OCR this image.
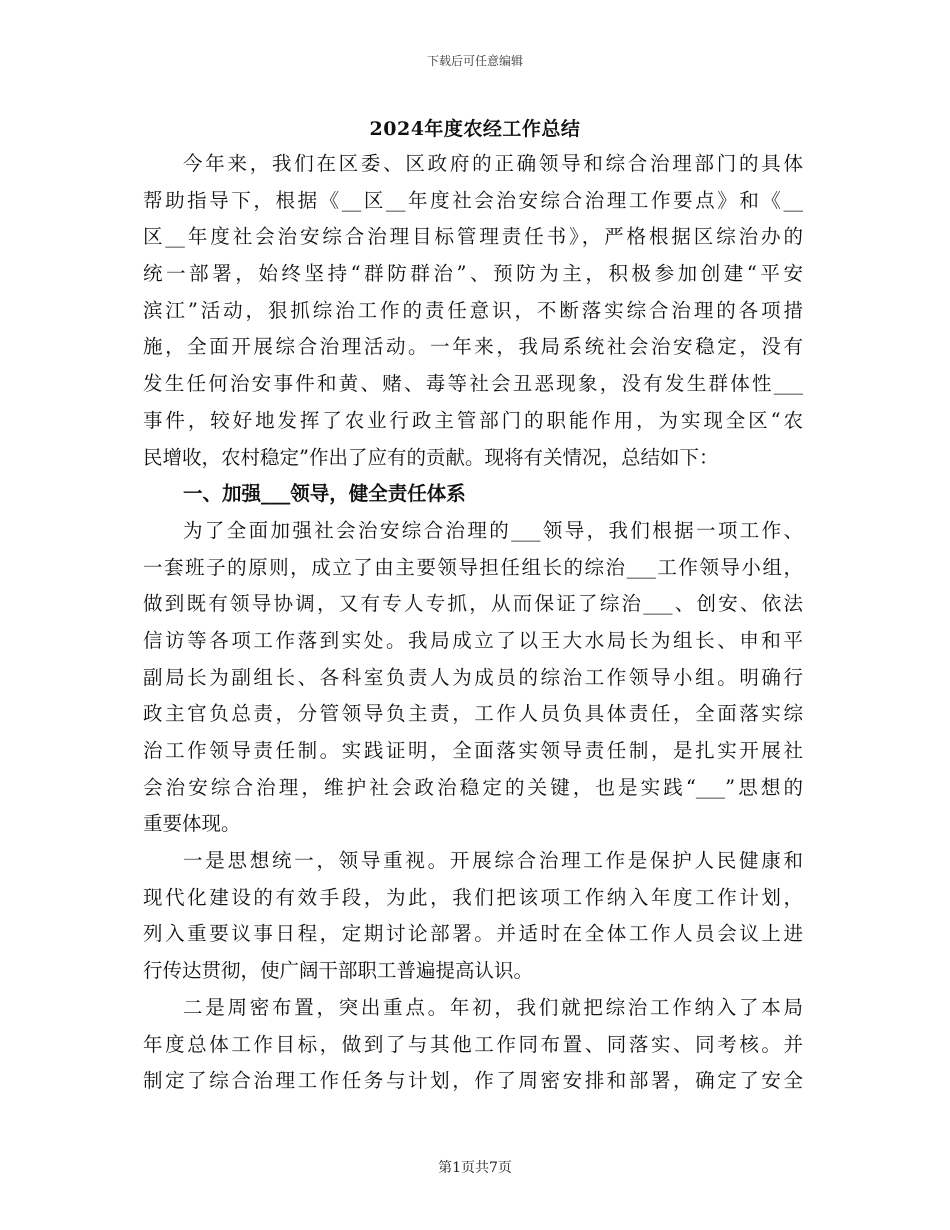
下载后可任意编辑
2024年度农经工作总结
今年来，我们在区委、区政府的正确领导和综合治理部门的具体
帮助指导下，根据《__区__年度社会治安综合治理工作要点》和《__
区__年度社会治安综合治理目标管理责任书》，严格根据区综治办的
统一部署，始终坚持“群防群治”、预防为主，积极参加创建“平安
滨江”活动，狠抓综治工作的责任意识，不断落实综合治理的各项措
施，全面开展综合治理活动。一年来，我局系统社会治安稳定，没有
发生任何治安事件和黄、赌、毒等社会丑恶现象，没有发生群体性___
事件，较好地发挥了农业行政主管部门的职能作用，为实现全区“农
民增收，农村稳定”作出了应有的贡献。现将有关情况，总结如下：
一、加强___领导，健全责任体系
为了全面加强社会治安综合治理的___领导，我们根据一项工作、
一套班子的原则，成立了由主要领导担任组长的综治___工作领导小组，
做到既有领导协调，又有专人专抓，从而保证了综治___、创安、依法
信访等各项工作落到实处。我局成立了以王大水局长为组长、申和平
副局长为副组长、各科室负责人为成员的综治工作领导小组。明确行
政主官负总责，分管领导负主责，工作人员负具体责任，全面落实综
治工作领导责任制。实践证明，全面落实领导责任制，是扎实开展社
会治安综合治理，维护社会政治稳定的关键，也是实践“___”思想的
重要体现。
一是思想统一，领导重视。开展综合治理工作是保护人民健康和
现代化建设的有效手段，为此，我们把该项工作纳入年度工作计划，
列入重要议事日程，定期讨论部署。并适时在全体工作人员会议上进
行传达贯彻，使广阔干部职工普遍提高认识。
二是周密布置，突出重点。年初，我们就把综治工作纳入了本局
年度总体工作目标，做到了与其他工作同布置、同落实、同考核。并
制定了综合治理工作任务与计划，作了周密安排和部署，确定了安全
第1页共7页
